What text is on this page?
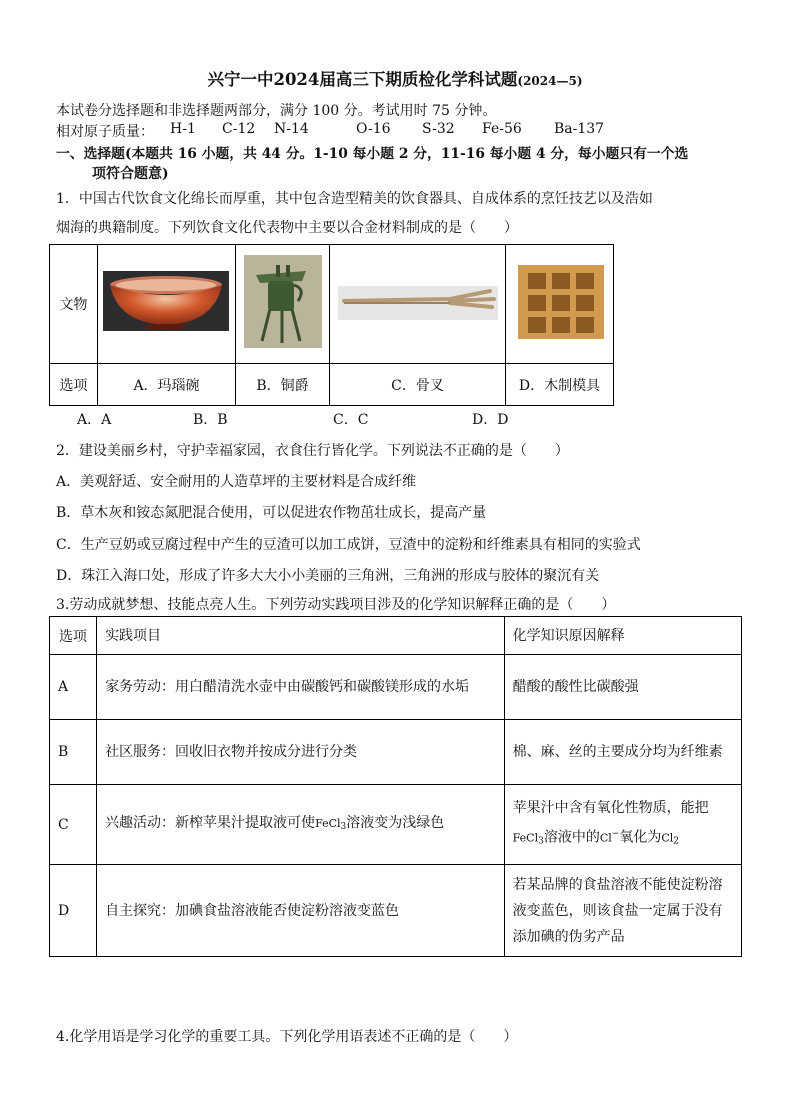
兴宁一中2024届高三下期质检化学科试题(2024—5)
本试卷分选择题和非选择题两部分，满分 100 分。考试用时 75 分钟。
相对原子质量： H-1 C-12 N-14	O-16 S-32 Fe-56 Ba-137
一、选择题(本题共 16 小题，共 44 分。1-10 每小题 2 分，11-16 每小题 4 分，每小题只有一个选
项符合题意)
1．中国古代饮食文化绵长而厚重，其中包含造型精美的饮食器具、自成体系的烹饪技艺以及浩如
烟海的典籍制度。下列饮食文化代表物中主要以合金材料制成的是（　　）
文物				
选项	A．玛瑙碗	B．铜爵	C．骨叉	D．木制模具
A．A	B．B	C．C	D．D
2．建设美丽乡村，守护幸福家园，衣食住行皆化学。下列说法不正确的是（　　）
A．美观舒适、安全耐用的人造草坪的主要材料是合成纤维
B．草木灰和铵态氮肥混合使用，可以促进农作物茁壮成长，提高产量
C．生产豆奶或豆腐过程中产生的豆渣可以加工成饼，豆渣中的淀粉和纤维素具有相同的实验式
D．珠江入海口处，形成了许多大大小小美丽的三角洲，三角洲的形成与胶体的聚沉有关
3.劳动成就梦想、技能点亮人生。下列劳动实践项目涉及的化学知识解释正确的是（　　）
选项	实践项目	化学知识原因解释
A	家务劳动：用白醋清洗水壶中由碳酸钙和碳酸镁形成的水垢	醋酸的酸性比碳酸强
B	社区服务：回收旧衣物并按成分进行分类	棉、麻、丝的主要成分均为纤维素
C	兴趣活动：新榨苹果汁提取液可使FeCl$_3$溶液变为浅绿色	苹果汁中含有氧化性物质，能把
FeCl$_3$溶液中的Cl−氧化为$Cl_2$
D	自主探究：加碘食盐溶液能否使淀粉溶液变蓝色	若某品牌的食盐溶液不能使淀粉溶液变蓝色，则该食盐一定属于没有添加碘的伪劣产品
4.化学用语是学习化学的重要工具。下列化学用语表述不正确的是（　　）
